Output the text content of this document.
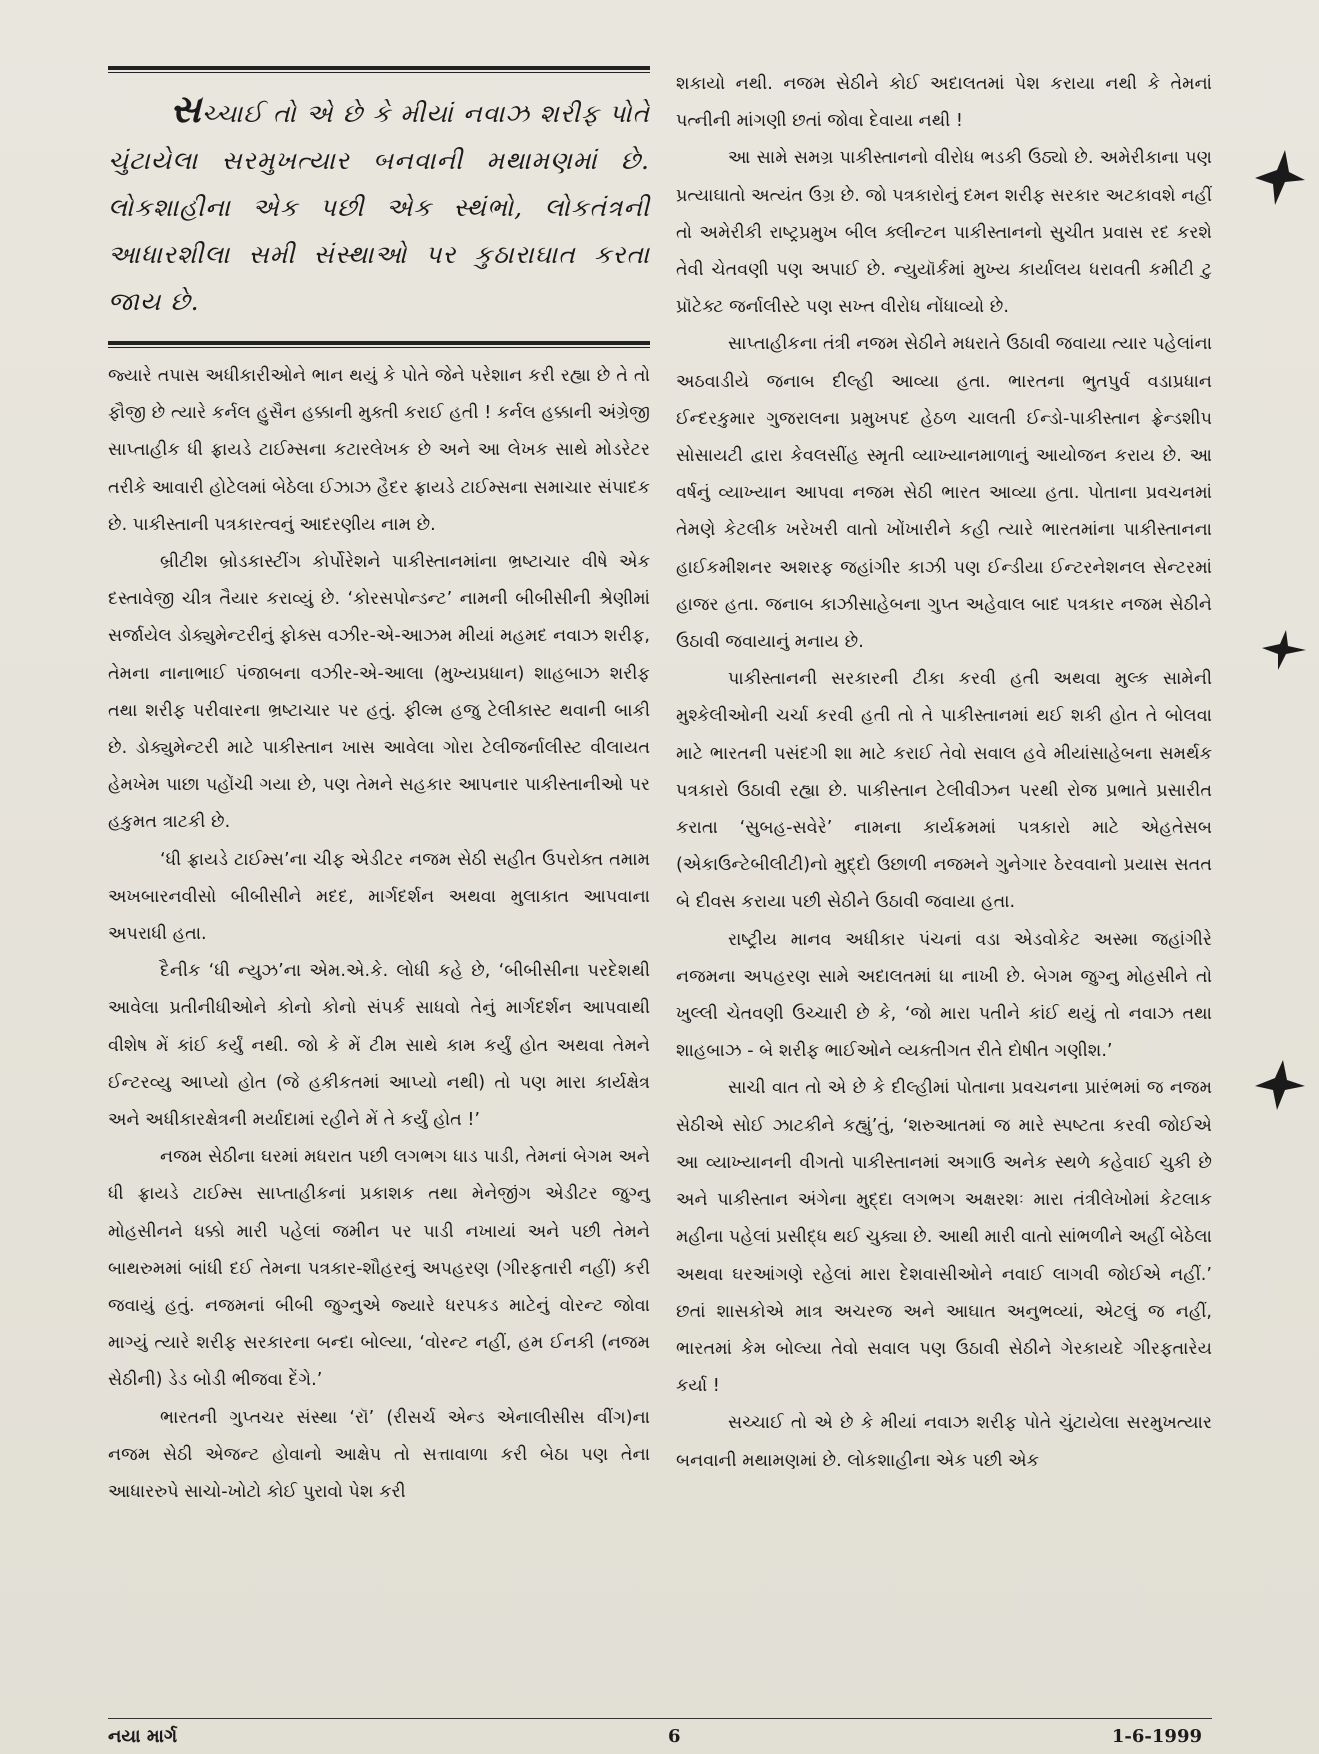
સચ્ચાઈ તો એ છે કે મીયાં નવાઝ શરીફ પોતે ચુંટાયેલા સરમુખત્યાર બનવાની મથામણમાં છે. લોકશાહીના એક પછી એક સ્થંભો, લોકતંત્રની આધારશીલા સમી સંસ્થાઓ પર કુઠારાઘાત કરતા જાય છે.

જ્યારે તપાસ અધીકારીઓને ભાન થયું કે પોતે જેને પરેશાન કરી રહ્યા છે તે તો ફૌજી છે ત્યારે કર્નલ હુસૈન હક્કાની મુક્તી કરાઈ હતી ! કર્નલ હક્કાની અંગ્રેજી સાપ્તાહીક ધી ફ્રાયડે ટાઈમ્સના કટારલેખક છે અને આ લેખક સાથે મોડરેટર તરીકે આવારી હોટેલમાં બેઠેલા ઈઝાઝ હૈદર ફ્રાયડે ટાઈમ્સના સમાચાર સંપાદક છે. પાકીસ્તાની પત્રકારત્વનું આદરણીય નામ છે.

બ્રીટીશ બ્રોડકાસ્ટીંગ કોર્પોરેશને પાકીસ્તાનમાંના ભ્રષ્ટાચાર વીષે એક દસ્તાવેજી ચીત્ર તૈયાર કરાવ્યું છે. ‘કોરસપોન્ડન્ટ’ નામની બીબીસીની શ્રેણીમાં સર્જાયેલ ડોક્યુમેન્ટરીનું ફોક્સ વઝીર-એ-આઝમ મીયાં મહમદ નવાઝ શરીફ, તેમના નાનાભાઈ પંજાબના વઝીર-એ-આલા (મુખ્યપ્રધાન) શાહબાઝ શરીફ તથા શરીફ પરીવારના ભ્રષ્ટાચાર પર હતું. ફીલ્મ હજુ ટેલીકાસ્ટ થવાની બાકી છે. ડોક્યુમેન્ટરી માટે પાકીસ્તાન ખાસ આવેલા ગોરા ટેલીજર્નાલીસ્ટ વીલાયત હેમખેમ પાછા પહોંચી ગયા છે, પણ તેમને સહકાર આપનાર પાકીસ્તાનીઓ પર હકુમત ત્રાટકી છે.

‘ધી ફ્રાયડે ટાઈમ્સ’ના ચીફ એડીટર નજમ સેઠી સહીત ઉપરોક્ત તમામ અખબારનવીસો બીબીસીને મદદ, માર્ગદર્શન અથવા મુલાકાત આપવાના અપરાધી હતા.

દૈનીક ‘ધી ન્યુઝ’ના એમ.એ.કે. લોધી કહે છે, ‘બીબીસીના પરદેશથી આવેલા પ્રતીનીધીઓને કોનો કોનો સંપર્ક સાધવો તેનું માર્ગદર્શન આપવાથી વીશેષ મેં કાંઈ કર્યું નથી. જો કે મેં ટીમ સાથે કામ કર્યું હોત અથવા તેમને ઈન્ટરવ્યુ આપ્યો હોત (જે હકીકતમાં આપ્યો નથી) તો પણ મારા કાર્યક્ષેત્ર અને અધીકારક્ષેત્રની મર્યાદામાં રહીને મેં તે કર્યું હોત !’

નજમ સેઠીના ઘરમાં મધરાત પછી લગભગ ધાડ પાડી, તેમનાં બેગમ અને ધી ફ્રાયડે ટાઈમ્સ સાપ્તાહીકનાં પ્રકાશક તથા મેનેજીંગ એડીટર જુગ્નુ મોહસીનને ધક્કો મારી પહેલાં જમીન પર પાડી નખાયાં અને પછી તેમને બાથરુમમાં બાંધી દઈ તેમના પત્રકાર-શૌહરનું અપહરણ (ગીરફતારી નહીં) કરી જવાયું હતું. નજમનાં બીબી જુગ્નુએ જ્યારે ધરપકડ માટેનું વોરન્ટ જોવા માગ્યું ત્યારે શરીફ સરકારના બન્દા બોલ્યા, ‘વોરન્ટ નહીં, હમ ઈનકી (નજમ સેઠીની) ડેડ બોડી ભીજવા દેંગે.’

ભારતની ગુપ્તચર સંસ્થા ‘રૉ’ (રીસર્ચ એન્ડ એનાલીસીસ વીંગ)ના નજમ સેઠી એજન્ટ હોવાનો આક્ષેપ તો સત્તાવાળા કરી બેઠા પણ તેના આધારરુપે સાચો-ખોટો કોઈ પુરાવો પેશ કરી

શકાયો નથી. નજમ સેઠીને કોઈ અદાલતમાં પેશ કરાયા નથી કે તેમનાં પત્નીની માંગણી છતાં જોવા દેવાયા નથી !

આ સામે સમગ્ર પાકીસ્તાનનો વીરોધ ભડકી ઉઠ્યો છે. અમેરીકાના પણ પ્રત્યાઘાતો અત્યંત ઉગ્ર છે. જો પત્રકારોનું દમન શરીફ સરકાર અટકાવશે નહીં તો અમેરીકી રાષ્ટ્રપ્રમુખ બીલ ક્લીન્ટન પાકીસ્તાનનો સુચીત પ્રવાસ રદ કરશે તેવી ચેતવણી પણ અપાઈ છે. ન્યુયૉર્કમાં મુખ્ય કાર્યાલય ધરાવતી કમીટી ટુ પ્રૉટેક્ટ જર્નાલીસ્ટે પણ સખ્ત વીરોધ નોંધાવ્યો છે.

સાપ્તાહીકના તંત્રી નજમ સેઠીને મધરાતે ઉઠાવી જવાયા ત્યાર પહેલાંના અઠવાડીયે જનાબ દીલ્હી આવ્યા હતા. ભારતના ભુતપુર્વ વડાપ્રધાન ઈન્દરકુમાર ગુજરાલના પ્રમુખપદ હેઠળ ચાલતી ઈન્ડો-પાકીસ્તાન ફ્રેન્ડશીપ સોસાયટી દ્વારા કેવલસીંહ સ્મૃતી વ્યાખ્યાનમાળાનું આયોજન કરાય છે. આ વર્ષનું વ્યાખ્યાન આપવા નજમ સેઠી ભારત આવ્યા હતા. પોતાના પ્રવચનમાં તેમણે કેટલીક ખરેખરી વાતો ખોંખારીને કહી ત્યારે ભારતમાંના પાકીસ્તાનના હાઈકમીશનર અશરફ જહાંગીર કાઝી પણ ઈન્ડીયા ઈન્ટરનેશનલ સેન્ટરમાં હાજર હતા. જનાબ કાઝીસાહેબના ગુપ્ત અહેવાલ બાદ પત્રકાર નજમ સેઠીને ઉઠાવી જવાયાનું મનાય છે.

પાકીસ્તાનની સરકારની ટીકા કરવી હતી અથવા મુલ્ક સામેની મુશ્કેલીઓની ચર્ચા કરવી હતી તો તે પાકીસ્તાનમાં થઈ શકી હોત તે બોલવા માટે ભારતની પસંદગી શા માટે કરાઈ તેવો સવાલ હવે મીયાંસાહેબના સમર્થક પત્રકારો ઉઠાવી રહ્યા છે. પાકીસ્તાન ટેલીવીઝન પરથી રોજ પ્રભાતે પ્રસારીત કરાતા ‘સુબહ-સવેરે’ નામના કાર્યક્રમમાં પત્રકારો માટે એહતેસબ (એકાઉન્ટેબીલીટી)નો મુદ્દો ઉછાળી નજમને ગુનેગાર ઠેરવવાનો પ્રયાસ સતત બે દીવસ કરાયા પછી સેઠીને ઉઠાવી જવાયા હતા.

રાષ્ટ્રીય માનવ અધીકાર પંચનાં વડા એડવોકેટ અસ્મા જહાંગીરે નજમના અપહરણ સામે અદાલતમાં ધા નાખી છે. બેગમ જુગ્નુ મોહસીને તો ખુલ્લી ચેતવણી ઉચ્ચારી છે કે, ‘જો મારા પતીને કાંઈ થયું તો નવાઝ તથા શાહબાઝ - બે શરીફ ભાઈઓને વ્યક્તીગત રીતે દોષીત ગણીશ.’

સાચી વાત તો એ છે કે દીલ્હીમાં પોતાના પ્રવચનના પ્રારંભમાં જ નજમ સેઠીએ સોઈ ઝાટકીને કહ્યું’તું, ‘શરુઆતમાં જ મારે સ્પષ્ટતા કરવી જોઈએ આ વ્યાખ્યાનની વીગતો પાકીસ્તાનમાં અગાઉ અનેક સ્થળે કહેવાઈ ચુકી છે અને પાકીસ્તાન અંગેના મુદ્દા લગભગ અક્ષરશઃ મારા તંત્રીલેખોમાં કેટલાક મહીના પહેલાં પ્રસીદ્ધ થઈ ચુક્યા છે. આથી મારી વાતો સાંભળીને અહીં બેઠેલા અથવા ઘરઆંગણે રહેલાં મારા દેશવાસીઓને નવાઈ લાગવી જોઈએ નહીં.’ છતાં શાસકોએ માત્ર અચરજ અને આઘાત અનુભવ્યાં, એટલું જ નહીં, ભારતમાં કેમ બોલ્યા તેવો સવાલ પણ ઉઠાવી સેઠીને ગેરકાયદે ગીરફતારેય કર્યા !

સચ્ચાઈ તો એ છે કે મીયાં નવાઝ શરીફ પોતે ચુંટાયેલા સરમુખત્યાર બનવાની મથામણમાં છે. લોકશાહીના એક પછી એક

નયા માર્ગ	6	1-6-1999
